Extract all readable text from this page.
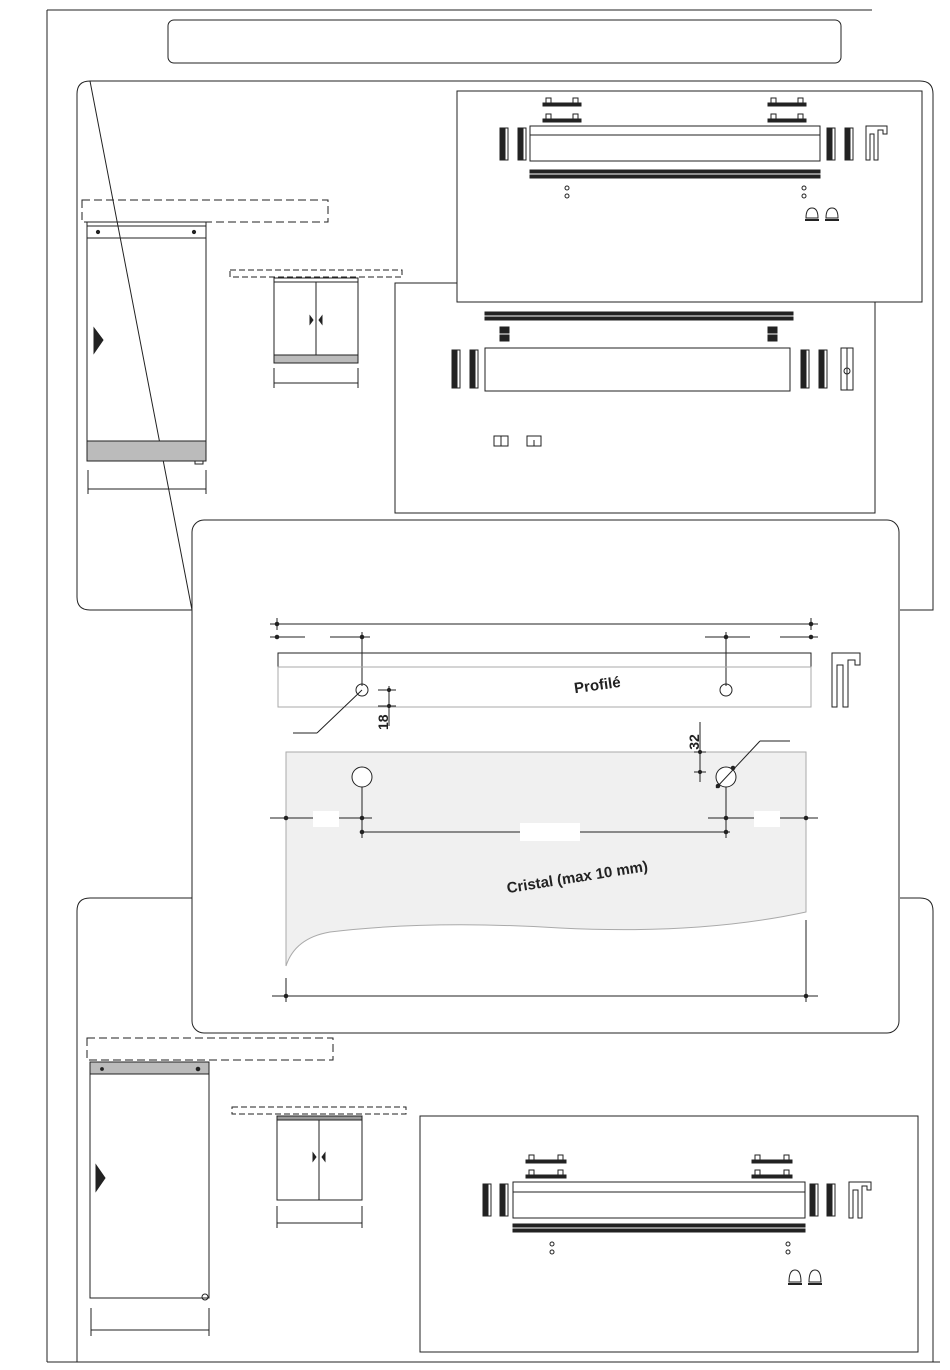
18
Profilé
32
Cristal (max 10 mm)
